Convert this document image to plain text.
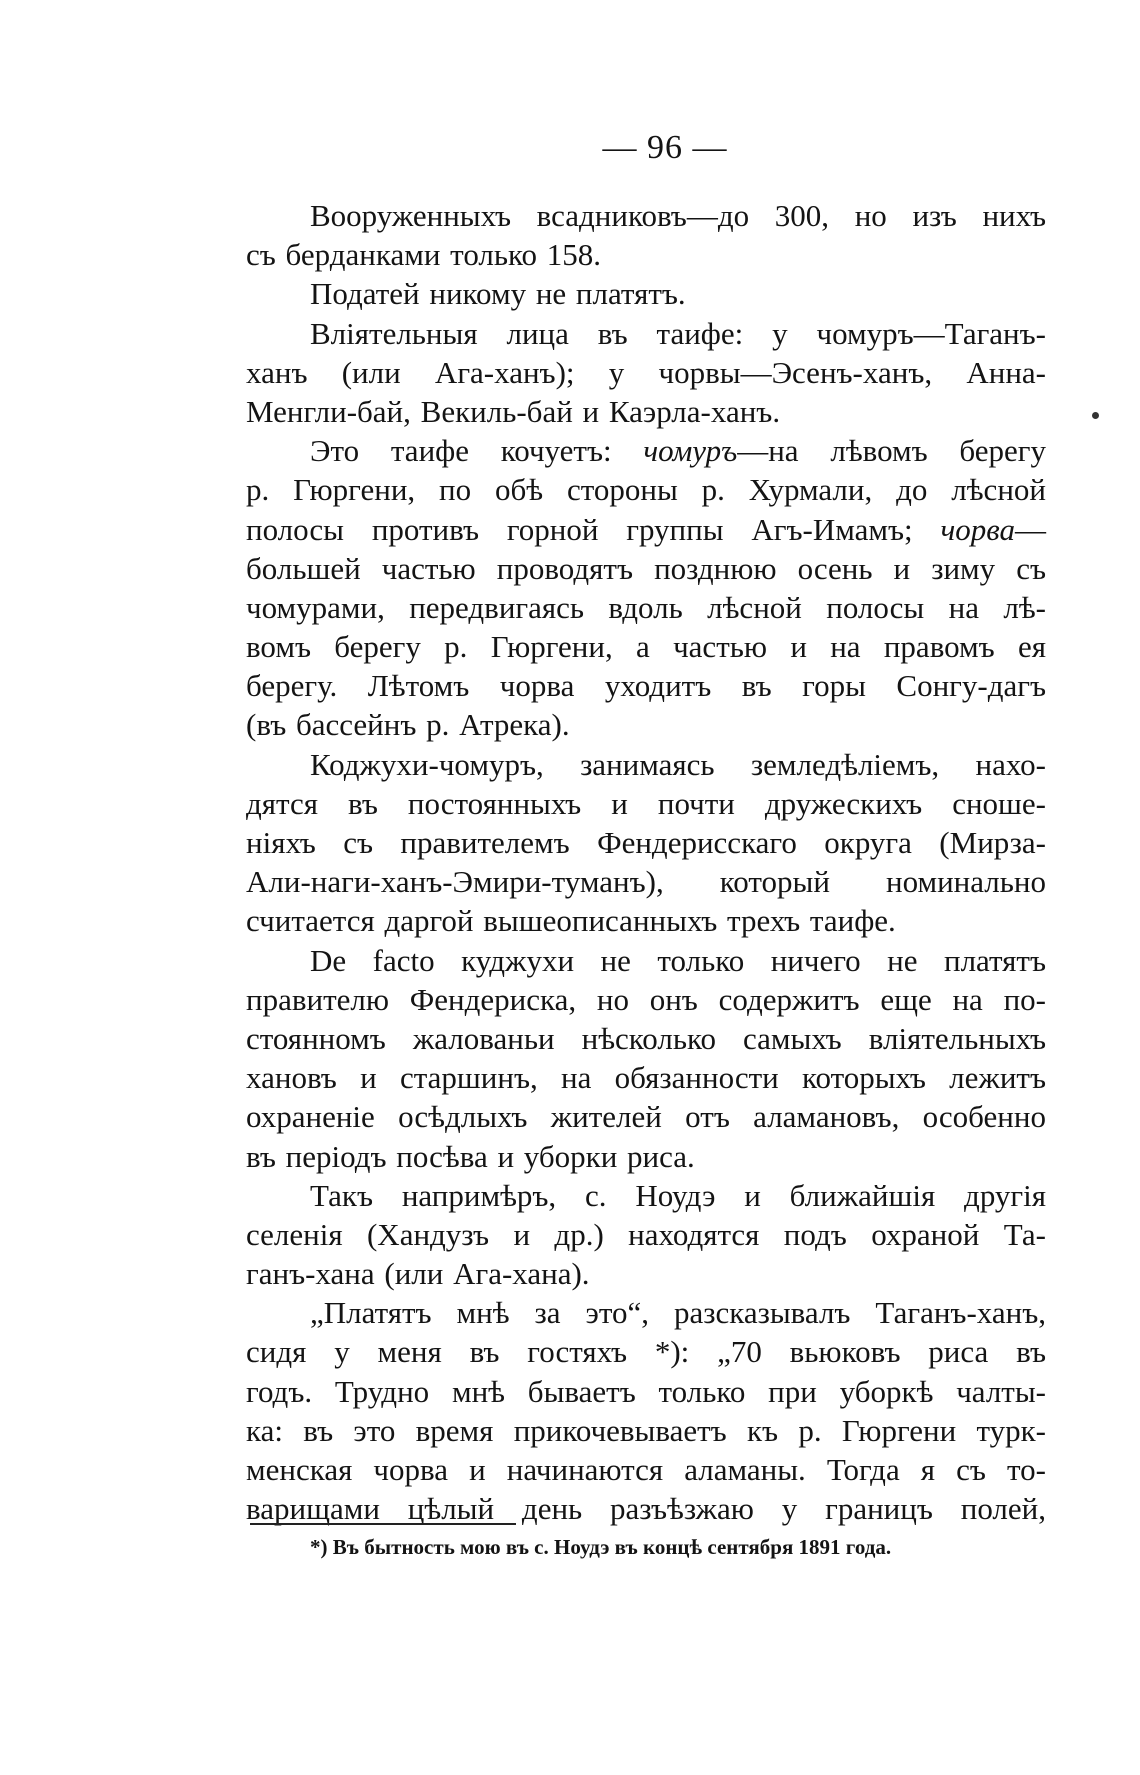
— 96 —
Вооруженныхъ всадниковъ—до 300, но изъ нихъ
съ берданками только 158.
Податей никому не платятъ.
Вліятельныя лица въ таифе: у чомуръ—Таганъ-
ханъ (или Ага-ханъ); у чорвы—Эсенъ-ханъ, Анна-
Менгли-бай, Векиль-бай и Каэрла-ханъ.
Это таифе кочуетъ: чомуръ—на лѣвомъ берегу
р. Гюргени, по обѣ стороны р. Хурмали, до лѣсной
полосы противъ горной группы Агъ-Имамъ; чорва—
большей частью проводятъ позднюю осень и зиму съ
чомурами, передвигаясь вдоль лѣсной полосы на лѣ-
вомъ берегу р. Гюргени, а частью и на правомъ ея
берегу. Лѣтомъ чорва уходитъ въ горы Сонгу-дагъ
(въ бассейнъ р. Атрека).
Коджухи-чомуръ, занимаясь земледѣліемъ, нахо-
дятся въ постоянныхъ и почти дружескихъ снoше-
ніяхъ съ правителемъ Фендерисскаго округа (Мирза-
Али-наги-ханъ-Эмири-туманъ), который номинально
считается даргой вышеописанныхъ трехъ таифе.
De facto куджухи не только ничего не платятъ
правителю Фендериска, но онъ содержитъ еще на по-
стоянномъ жалованьи нѣсколько самыхъ вліятельныхъ
хановъ и старшинъ, на обязанности которыхъ лежитъ
охраненіе осѣдлыхъ жителей отъ аламановъ, особенно
въ періодъ посѣва и уборки риса.
Такъ напримѣръ, с. Ноудэ и ближайшія другія
селенія (Хандузъ и др.) находятся подъ охраной Та-
ганъ-хана (или Ага-хана).
„Платятъ мнѣ за это“, разсказывалъ Таганъ-ханъ,
сидя у меня въ гостяхъ *): „70 вьюковъ риса въ
годъ. Трудно мнѣ бываетъ только при уборкѣ чалты-
ка: въ это время прикочевываетъ къ р. Гюргени турк-
менская чорва и начинаются аламаны. Тогда я съ то-
варищами цѣлый день разъѣзжаю у границъ полей,
*) Въ бытность мою въ с. Ноудэ въ концѣ сентября 1891 года.
